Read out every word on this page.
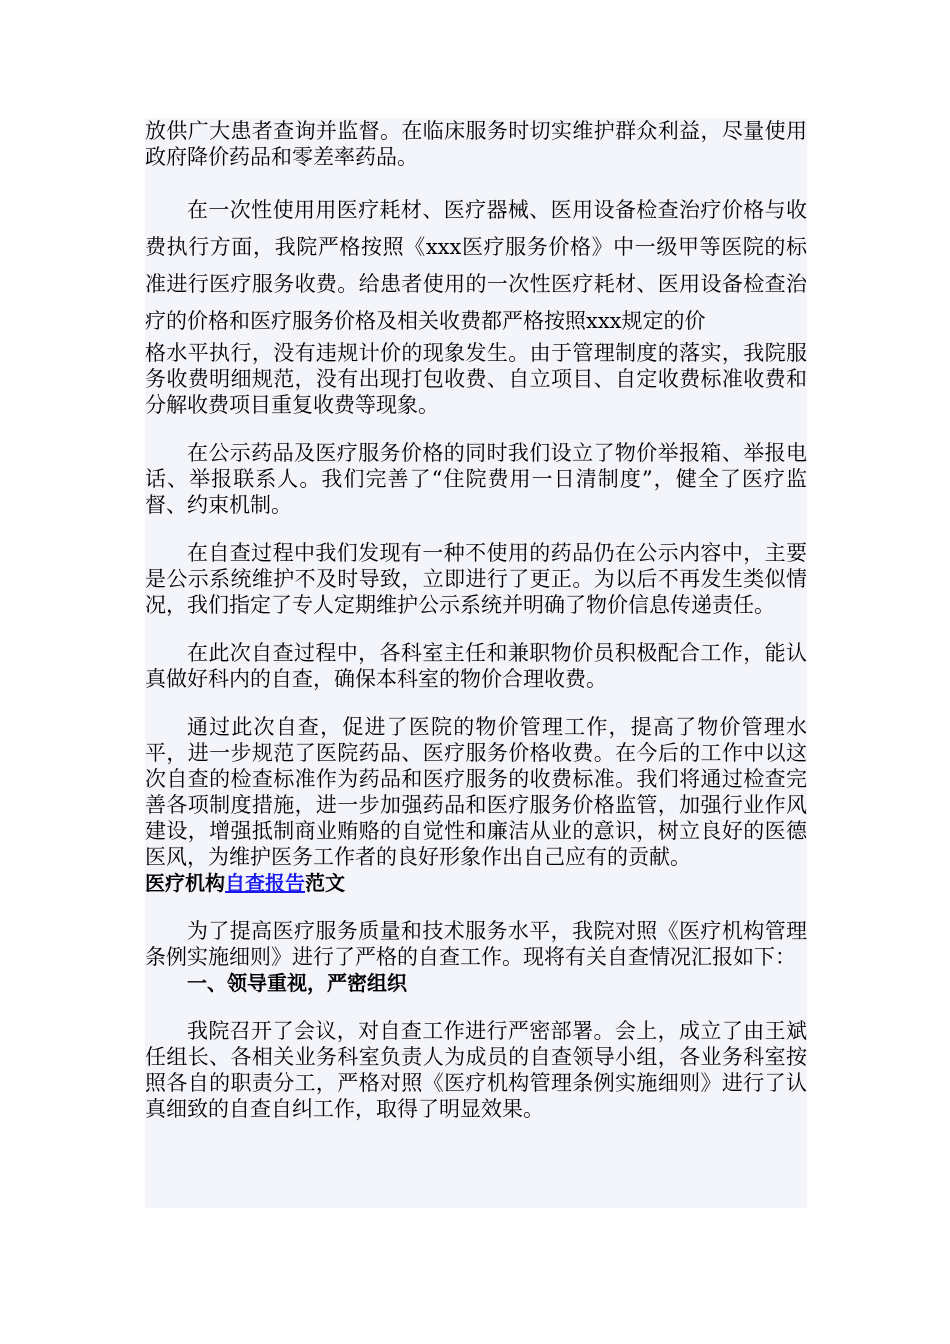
放供广大患者查询并监督。在临床服务时切实维护群众利益，尽量使用政府降价药品和零差率药品。

在一次性使用用医疗耗材、医疗器械、医用设备检查治疗价格与收费执行方面，我院严格按照《xxx医疗服务价格》中一级甲等医院的标准进行医疗服务收费。给患者使用的一次性医疗耗材、医用设备检查治疗的价格和医疗服务价格及相关收费都严格按照xxx规定的价

格水平执行，没有违规计价的现象发生。由于管理制度的落实，我院服务收费明细规范，没有出现打包收费、自立项目、自定收费标准收费和分解收费项目重复收费等现象。

在公示药品及医疗服务价格的同时我们设立了物价举报箱、举报电话、举报联系人。我们完善了“住院费用一日清制度”，健全了医疗监督、约束机制。

在自查过程中我们发现有一种不使用的药品仍在公示内容中，主要是公示系统维护不及时导致，立即进行了更正。为以后不再发生类似情况，我们指定了专人定期维护公示系统并明确了物价信息传递责任。

在此次自查过程中，各科室主任和兼职物价员积极配合工作，能认真做好科内的自查，确保本科室的物价合理收费。

通过此次自查，促进了医院的物价管理工作，提高了物价管理水平，进一步规范了医院药品、医疗服务价格收费。在今后的工作中以这次自查的检查标准作为药品和医疗服务的收费标准。我们将通过检查完善各项制度措施，进一步加强药品和医疗服务价格监管，加强行业作风建设，增强抵制商业贿赂的自觉性和廉洁从业的意识，树立良好的医德医风，为维护医务工作者的良好形象作出自己应有的贡献。

医疗机构自查报告范文

为了提高医疗服务质量和技术服务水平，我院对照《医疗机构管理条例实施细则》进行了严格的自查工作。现将有关自查情况汇报如下：

一、领导重视，严密组织

我院召开了会议，对自查工作进行严密部署。会上，成立了由王斌任组长、各相关业务科室负责人为成员的自查领导小组，各业务科室按照各自的职责分工，严格对照《医疗机构管理条例实施细则》进行了认真细致的自查自纠工作，取得了明显效果。
